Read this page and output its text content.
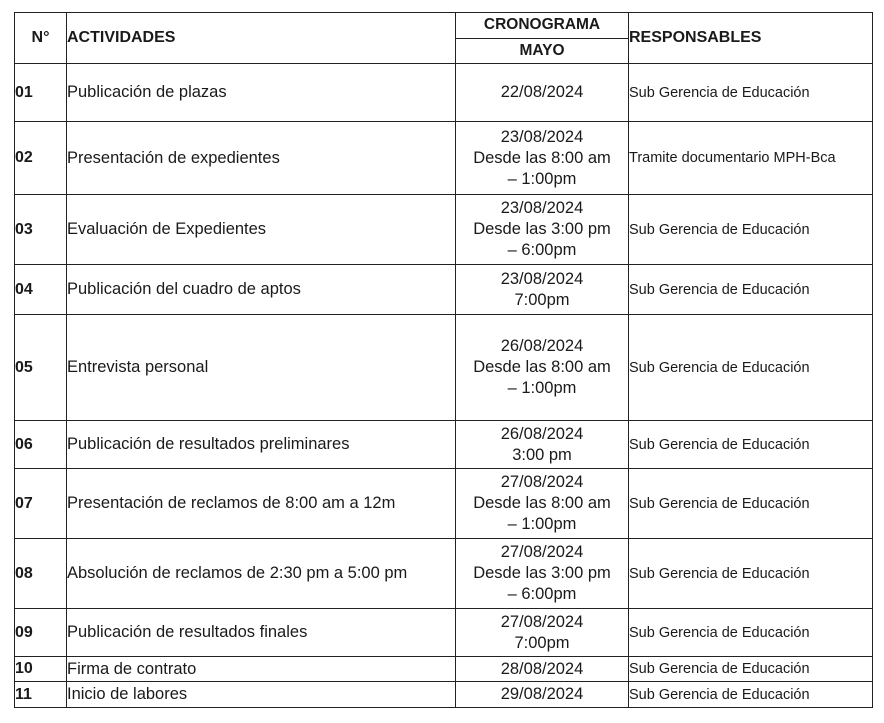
N°	ACTIVIDADES	CRONOGRAMA	RESPONSABLES
		MAYO	
01	Publicación de plazas	22/08/2024	Sub Gerencia de Educación
02	Presentación de expedientes	23/08/2024
Desde las 8:00 am
– 1:00pm	Tramite documentario MPH-Bca
03	Evaluación de Expedientes	23/08/2024
Desde las 3:00 pm
– 6:00pm	Sub Gerencia de Educación
04	Publicación del cuadro de aptos	23/08/2024
7:00pm	Sub Gerencia de Educación
05	Entrevista personal	26/08/2024
Desde las 8:00 am
– 1:00pm	Sub Gerencia de Educación
06	Publicación de resultados preliminares	26/08/2024
3:00 pm	Sub Gerencia de Educación
07	Presentación de reclamos de 8:00 am a 12m	27/08/2024
Desde las 8:00 am
– 1:00pm	Sub Gerencia de Educación
08	Absolución de reclamos de 2:30 pm a 5:00 pm	27/08/2024
Desde las 3:00 pm
– 6:00pm	Sub Gerencia de Educación
09	Publicación de resultados finales	27/08/2024
7:00pm	Sub Gerencia de Educación
10	Firma de contrato	28/08/2024	Sub Gerencia de Educación
11	Inicio de labores	29/08/2024	Sub Gerencia de Educación
